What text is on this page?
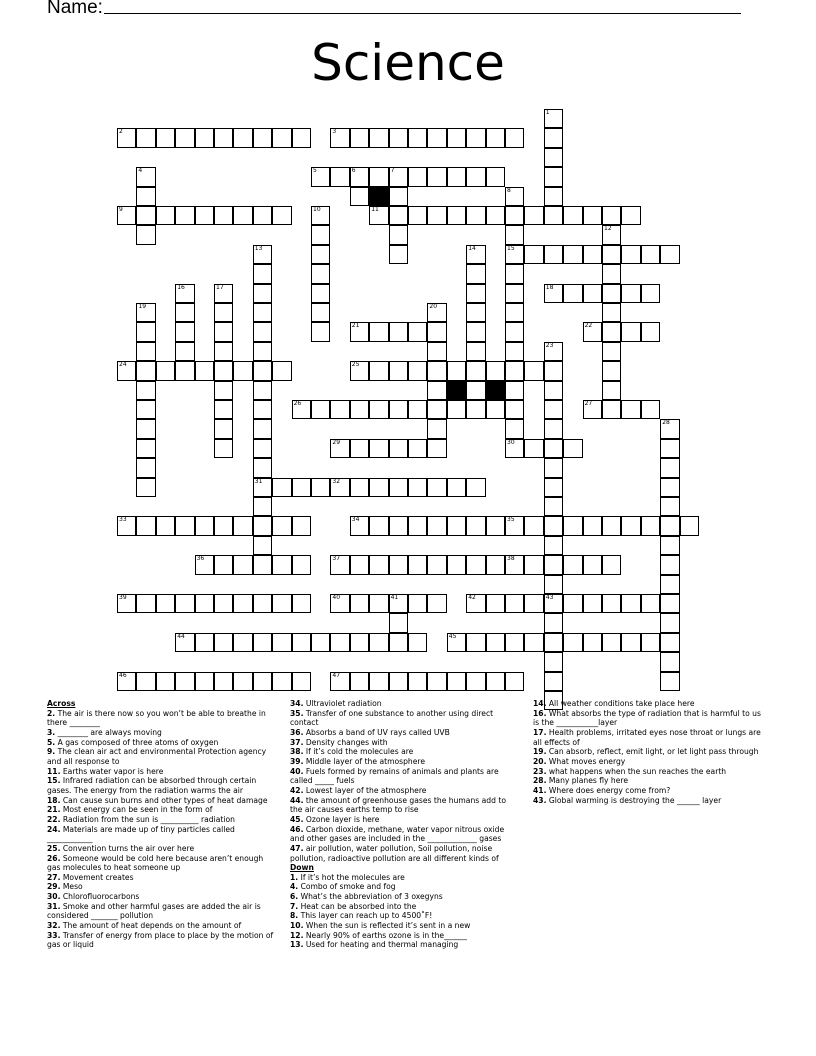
Name:
Science
2	3
5	6	7
9	11
15
18
21	22
24	25
26	27
29	30
31	32
33	34	35
36	37	38
39	40	41	42	43
44	45
46	47
1
4
8
10
12
13	14
16	17
19	20
23
28
Across
2. The air is there now so you won’t be able to breathe in there ________
3. ________ are always moving
5. A gas composed of three atoms of oxygen
9. The clean air act and environmental Protection agency and all response to
11. Earths water vapor is here
15. Infrared radiation can be absorbed through certain gases. The energy from the radiation warms the air
18. Can cause sun burns and other types of heat damage
21. Most energy can be seen in the form of
22. Radiation from the sun is __________ radiation
24. Materials are made up of tiny particles called ____________
25. Convention turns the air over here
26. Someone would be cold here because aren’t enough gas molecules to heat someone up
27. Movement creates
29. Meso
30. Chlorofluorocarbons
31. Smoke and other harmful gases are added the air is considered _______ pollution
32. The amount of heat depends on the amount of
33. Transfer of energy from place to place by the motion of gas or liquid
34. Ultraviolet radiation
35. Transfer of one substance to another using direct contact
36. Absorbs a band of UV rays called UVB
37. Density changes with
38. If it’s cold the molecules are
39. Middle layer of the atmosphere
40. Fuels formed by remains of animals and plants are called _____ fuels
42. Lowest layer of the atmosphere
44. the amount of greenhouse gases the humans add to the air causes earths temp to rise
45. Ozone layer is here
46. Carbon dioxide, methane, water vapor nitrous oxide and other gases are included in the _____________ gases
47. air pollution, water pollution, Soil pollution, noise pollution, radioactive pollution are all different kinds of
Down
1. If it’s hot the molecules are
4. Combo of smoke and fog
6. What’s the abbreviation of 3 oxegyns
7. Heat can be absorbed into the
8. This layer can reach up to 4500˚F!
10. When the sun is reflected it’s sent in a new
12. Nearly 90% of earths ozone is in the______
13. Used for heating and thermal managing
14. All weather conditions take place here
16. What absorbs the type of radiation that is harmful to us is the ___________layer
17. Health problems, irritated eyes nose throat or lungs are all effects of
19. Can absorb, reflect, emit light, or let light pass through
20. What moves energy
23. what happens when the sun reaches the earth
28. Many planes fly here
41. Where does energy come from?
43. Global warming is destroying the ______ layer
